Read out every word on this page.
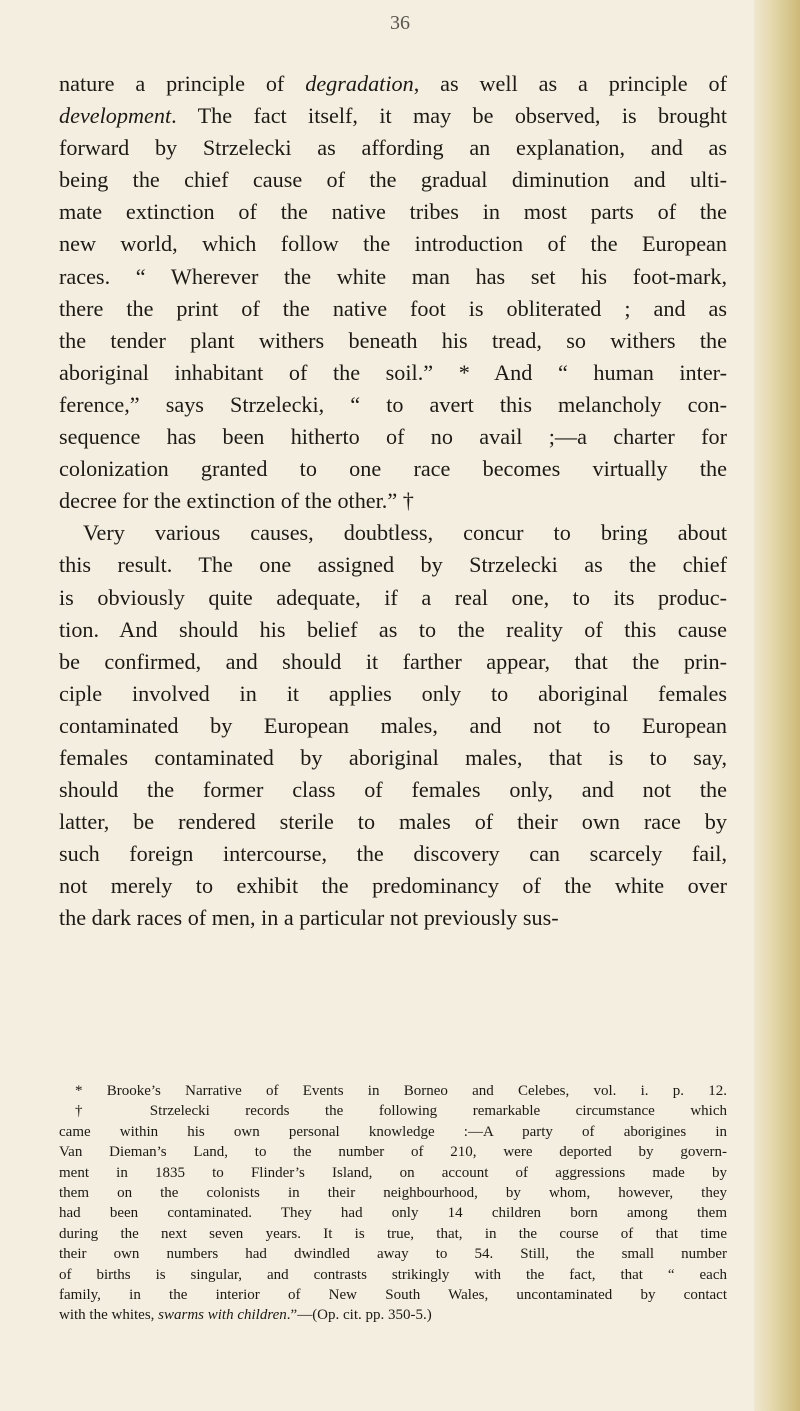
36
nature a principle of degradation, as well as a principle of
development. The fact itself, it may be observed, is brought
forward by Strzelecki as affording an explanation, and as
being the chief cause of the gradual diminution and ulti-
mate extinction of the native tribes in most parts of the
new world, which follow the introduction of the European
races. “ Wherever the white man has set his foot-mark,
there the print of the native foot is obliterated ; and as
the tender plant withers beneath his tread, so withers the
aboriginal inhabitant of the soil.” * And “ human inter-
ference,” says Strzelecki, “ to avert this melancholy con-
sequence has been hitherto of no avail ;—a charter for
colonization granted to one race becomes virtually the
decree for the extinction of the other.” †
Very various causes, doubtless, concur to bring about
this result. The one assigned by Strzelecki as the chief
is obviously quite adequate, if a real one, to its produc-
tion. And should his belief as to the reality of this cause
be confirmed, and should it farther appear, that the prin-
ciple involved in it applies only to aboriginal females
contaminated by European males, and not to European
females contaminated by aboriginal males, that is to say,
should the former class of females only, and not the
latter, be rendered sterile to males of their own race by
such foreign intercourse, the discovery can scarcely fail,
not merely to exhibit the predominancy of the white over
the dark races of men, in a particular not previously sus-
* Brooke’s Narrative of Events in Borneo and Celebes, vol. i. p. 12.
† Strzelecki records the following remarkable circumstance which
came within his own personal knowledge :—A party of aborigines in
Van Dieman’s Land, to the number of 210, were deported by govern-
ment in 1835 to Flinder’s Island, on account of aggressions made by
them on the colonists in their neighbourhood, by whom, however, they
had been contaminated. They had only 14 children born among them
during the next seven years. It is true, that, in the course of that time
their own numbers had dwindled away to 54. Still, the small number
of births is singular, and contrasts strikingly with the fact, that “ each
family, in the interior of New South Wales, uncontaminated by contact
with the whites, swarms with children.”—(Op. cit. pp. 350-5.)
